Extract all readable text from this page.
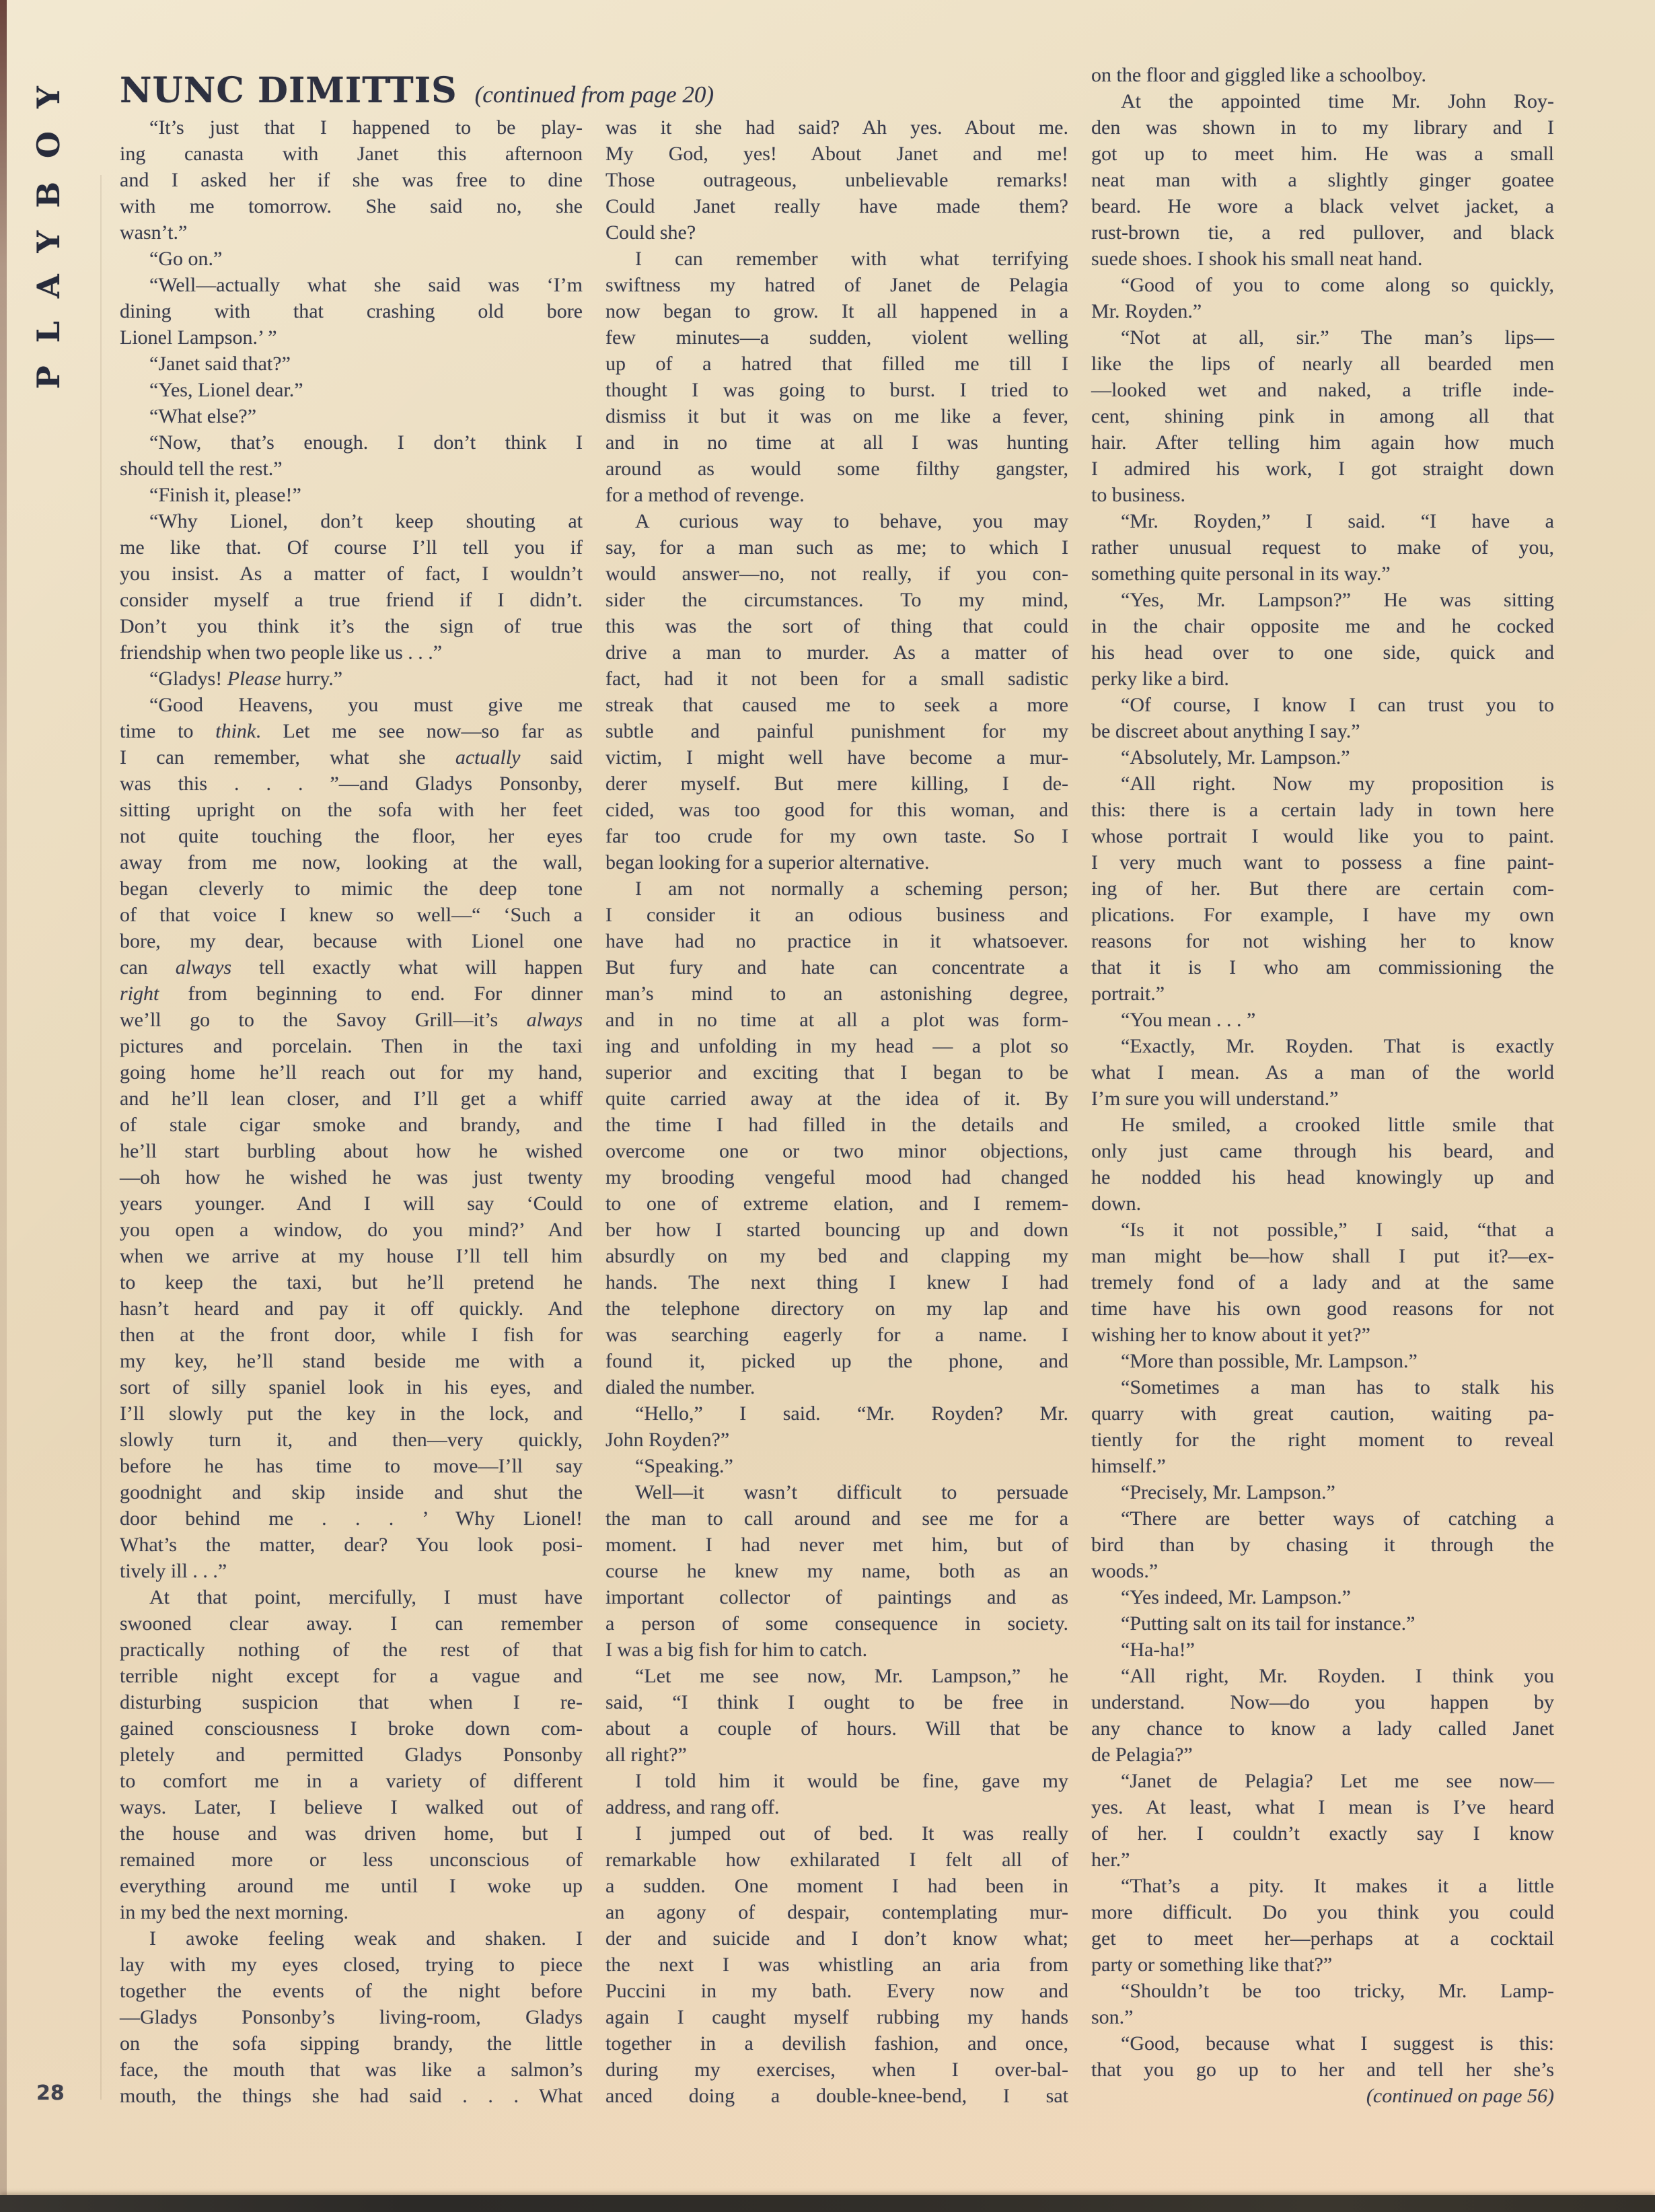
PLAYBOY NUNC DIMITTIS (continued from page 20)
“It’s just that I happened to be play-
ing canasta with Janet this afternoon
and I asked her if she was free to dine
with me tomorrow. She said no, she
wasn’t.”
“Go on.”
“Well—actually what she said was ‘I’m
dining with that crashing old bore
Lionel Lampson.’ ”
“Janet said that?”
“Yes, Lionel dear.”
“What else?”
“Now, that’s enough. I don’t think I
should tell the rest.”
“Finish it, please!”
“Why Lionel, don’t keep shouting at
me like that. Of course I’ll tell you if
you insist. As a matter of fact, I wouldn’t
consider myself a true friend if I didn’t.
Don’t you think it’s the sign of true
friendship when two people like us . . .”
“Gladys! Please hurry.”
“Good Heavens, you must give me
time to think. Let me see now—so far as
I can remember, what she actually said
was this . . . ”—and Gladys Ponsonby,
sitting upright on the sofa with her feet
not quite touching the floor, her eyes
away from me now, looking at the wall,
began cleverly to mimic the deep tone
of that voice I knew so well—“ ‘Such a
bore, my dear, because with Lionel one
can always tell exactly what will happen
right from beginning to end. For dinner
we’ll go to the Savoy Grill—it’s always
pictures and porcelain. Then in the taxi
going home he’ll reach out for my hand,
and he’ll lean closer, and I’ll get a whiff
of stale cigar smoke and brandy, and
he’ll start burbling about how he wished
—oh how he wished he was just twenty
years younger. And I will say ‘Could
you open a window, do you mind?’ And
when we arrive at my house I’ll tell him
to keep the taxi, but he’ll pretend he
hasn’t heard and pay it off quickly. And
then at the front door, while I fish for
my key, he’ll stand beside me with a
sort of silly spaniel look in his eyes, and
I’ll slowly put the key in the lock, and
slowly turn it, and then—very quickly,
before he has time to move—I’ll say
goodnight and skip inside and shut the
door behind me . . . ’ Why Lionel!
What’s the matter, dear? You look posi-
tively ill . . .”
At that point, mercifully, I must have
swooned clear away. I can remember
practically nothing of the rest of that
terrible night except for a vague and
disturbing suspicion that when I re-
gained consciousness I broke down com-
pletely and permitted Gladys Ponsonby
to comfort me in a variety of different
ways. Later, I believe I walked out of
the house and was driven home, but I
remained more or less unconscious of
everything around me until I woke up
in my bed the next morning.
I awoke feeling weak and shaken. I
lay with my eyes closed, trying to piece
together the events of the night before
—Gladys Ponsonby’s living-room, Gladys
on the sofa sipping brandy, the little
face, the mouth that was like a salmon’s
mouth, the things she had said . . . What
was it she had said? Ah yes. About me.
My God, yes! About Janet and me!
Those outrageous, unbelievable remarks!
Could Janet really have made them?
Could she?
I can remember with what terrifying
swiftness my hatred of Janet de Pelagia
now began to grow. It all happened in a
few minutes—a sudden, violent welling
up of a hatred that filled me till I
thought I was going to burst. I tried to
dismiss it but it was on me like a fever,
and in no time at all I was hunting
around as would some filthy gangster,
for a method of revenge.
A curious way to behave, you may
say, for a man such as me; to which I
would answer—no, not really, if you con-
sider the circumstances. To my mind,
this was the sort of thing that could
drive a man to murder. As a matter of
fact, had it not been for a small sadistic
streak that caused me to seek a more
subtle and painful punishment for my
victim, I might well have become a mur-
derer myself. But mere killing, I de-
cided, was too good for this woman, and
far too crude for my own taste. So I
began looking for a superior alternative.
I am not normally a scheming person;
I consider it an odious business and
have had no practice in it whatsoever.
But fury and hate can concentrate a
man’s mind to an astonishing degree,
and in no time at all a plot was form-
ing and unfolding in my head — a plot so
superior and exciting that I began to be
quite carried away at the idea of it. By
the time I had filled in the details and
overcome one or two minor objections,
my brooding vengeful mood had changed
to one of extreme elation, and I remem-
ber how I started bouncing up and down
absurdly on my bed and clapping my
hands. The next thing I knew I had
the telephone directory on my lap and
was searching eagerly for a name. I
found it, picked up the phone, and
dialed the number.
“Hello,” I said. “Mr. Royden? Mr.
John Royden?”
“Speaking.”
Well—it wasn’t difficult to persuade
the man to call around and see me for a
moment. I had never met him, but of
course he knew my name, both as an
important collector of paintings and as
a person of some consequence in society.
I was a big fish for him to catch.
“Let me see now, Mr. Lampson,” he
said, “I think I ought to be free in
about a couple of hours. Will that be
all right?”
I told him it would be fine, gave my
address, and rang off.
I jumped out of bed. It was really
remarkable how exhilarated I felt all of
a sudden. One moment I had been in
an agony of despair, contemplating mur-
der and suicide and I don’t know what;
the next I was whistling an aria from
Puccini in my bath. Every now and
again I caught myself rubbing my hands
together in a devilish fashion, and once,
during my exercises, when I over-bal-
anced doing a double-knee-bend, I sat
on the floor and giggled like a schoolboy.
At the appointed time Mr. John Roy-
den was shown in to my library and I
got up to meet him. He was a small
neat man with a slightly ginger goatee
beard. He wore a black velvet jacket, a
rust-brown tie, a red pullover, and black
suede shoes. I shook his small neat hand.
“Good of you to come along so quickly,
Mr. Royden.”
“Not at all, sir.” The man’s lips—
like the lips of nearly all bearded men
—looked wet and naked, a trifle inde-
cent, shining pink in among all that
hair. After telling him again how much
I admired his work, I got straight down
to business.
“Mr. Royden,” I said. “I have a
rather unusual request to make of you,
something quite personal in its way.”
“Yes, Mr. Lampson?” He was sitting
in the chair opposite me and he cocked
his head over to one side, quick and
perky like a bird.
“Of course, I know I can trust you to
be discreet about anything I say.”
“Absolutely, Mr. Lampson.”
“All right. Now my proposition is
this: there is a certain lady in town here
whose portrait I would like you to paint.
I very much want to possess a fine paint-
ing of her. But there are certain com-
plications. For example, I have my own
reasons for not wishing her to know
that it is I who am commissioning the
portrait.”
“You mean . . . ”
“Exactly, Mr. Royden. That is exactly
what I mean. As a man of the world
I’m sure you will understand.”
He smiled, a crooked little smile that
only just came through his beard, and
he nodded his head knowingly up and
down.
“Is it not possible,” I said, “that a
man might be—how shall I put it?—ex-
tremely fond of a lady and at the same
time have his own good reasons for not
wishing her to know about it yet?”
“More than possible, Mr. Lampson.”
“Sometimes a man has to stalk his
quarry with great caution, waiting pa-
tiently for the right moment to reveal
himself.”
“Precisely, Mr. Lampson.”
“There are better ways of catching a
bird than by chasing it through the
woods.”
“Yes indeed, Mr. Lampson.”
“Putting salt on its tail for instance.”
“Ha-ha!”
“All right, Mr. Royden. I think you
understand. Now—do you happen by
any chance to know a lady called Janet
de Pelagia?”
“Janet de Pelagia? Let me see now—
yes. At least, what I mean is I’ve heard
of her. I couldn’t exactly say I know
her.”
“That’s a pity. It makes it a little
more difficult. Do you think you could
get to meet her—perhaps at a cocktail
party or something like that?”
“Shouldn’t be too tricky, Mr. Lamp-
son.”
“Good, because what I suggest is this:
that you go up to her and tell her she’s
(continued on page 56)
28
